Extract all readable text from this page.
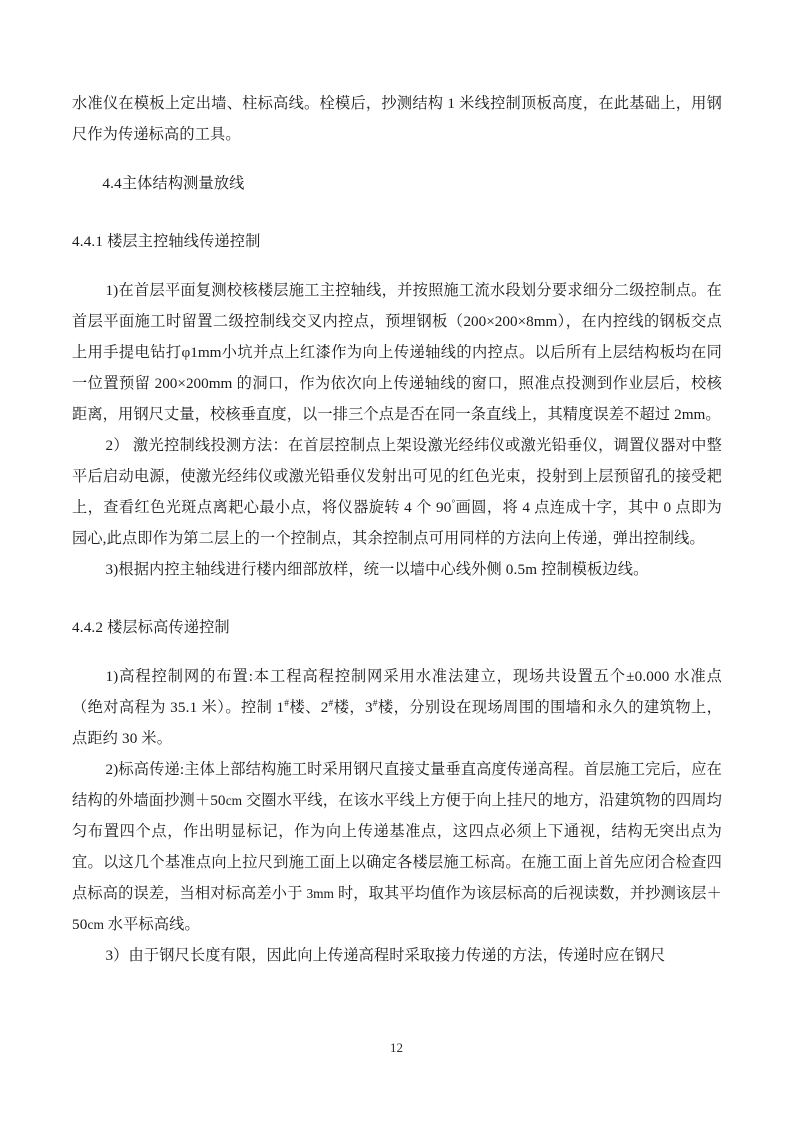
水准仪在模板上定出墙、柱标高线。栓模后，抄测结构 1 米线控制顶板高度，在此基础上，用钢尺作为传递标高的工具。

4.4主体结构测量放线

4.4.1 楼层主控轴线传递控制

1)在首层平面复测校核楼层施工主控轴线，并按照施工流水段划分要求细分二级控制点。在首层平面施工时留置二级控制线交叉内控点，预埋钢板（200×200×8mm），在内控线的钢板交点上用手提电钻打φ1mm小坑并点上红漆作为向上传递轴线的内控点。以后所有上层结构板均在同一位置预留 200×200mm 的洞口，作为依次向上传递轴线的窗口，照准点投测到作业层后，校核距离，用钢尺丈量，校核垂直度，以一排三个点是否在同一条直线上，其精度误差不超过 2mm。

2） 激光控制线投测方法：在首层控制点上架设激光经纬仪或激光铅垂仪，调置仪器对中整平后启动电源，使激光经纬仪或激光铅垂仪发射出可见的红色光束，投射到上层预留孔的接受耙上，查看红色光斑点离耙心最小点，将仪器旋转 4 个 90°画圆，将 4 点连成十字，其中 0 点即为园心,此点即作为第二层上的一个控制点，其余控制点可用同样的方法向上传递，弹出控制线。

3)根据内控主轴线进行楼内细部放样，统一以墙中心线外侧 0.5m 控制模板边线。

4.4.2 楼层标高传递控制

1)高程控制网的布置:本工程高程控制网采用水准法建立，现场共设置五个±0.000 水准点（绝对高程为 35.1 米）。控制 1#楼、2#楼，3#楼，分别设在现场周围的围墙和永久的建筑物上，点距约 30 米。

2)标高传递:主体上部结构施工时采用钢尺直接丈量垂直高度传递高程。首层施工完后，应在结构的外墙面抄测＋50cm 交圈水平线，在该水平线上方便于向上挂尺的地方，沿建筑物的四周均匀布置四个点，作出明显标记，作为向上传递基准点，这四点必须上下通视，结构无突出点为宜。以这几个基准点向上拉尺到施工面上以确定各楼层施工标高。在施工面上首先应闭合检查四点标高的误差，当相对标高差小于 3mm 时，取其平均值作为该层标高的后视读数，并抄测该层＋50cm 水平标高线。

3）由于钢尺长度有限，因此向上传递高程时采取接力传递的方法，传递时应在钢尺

12
